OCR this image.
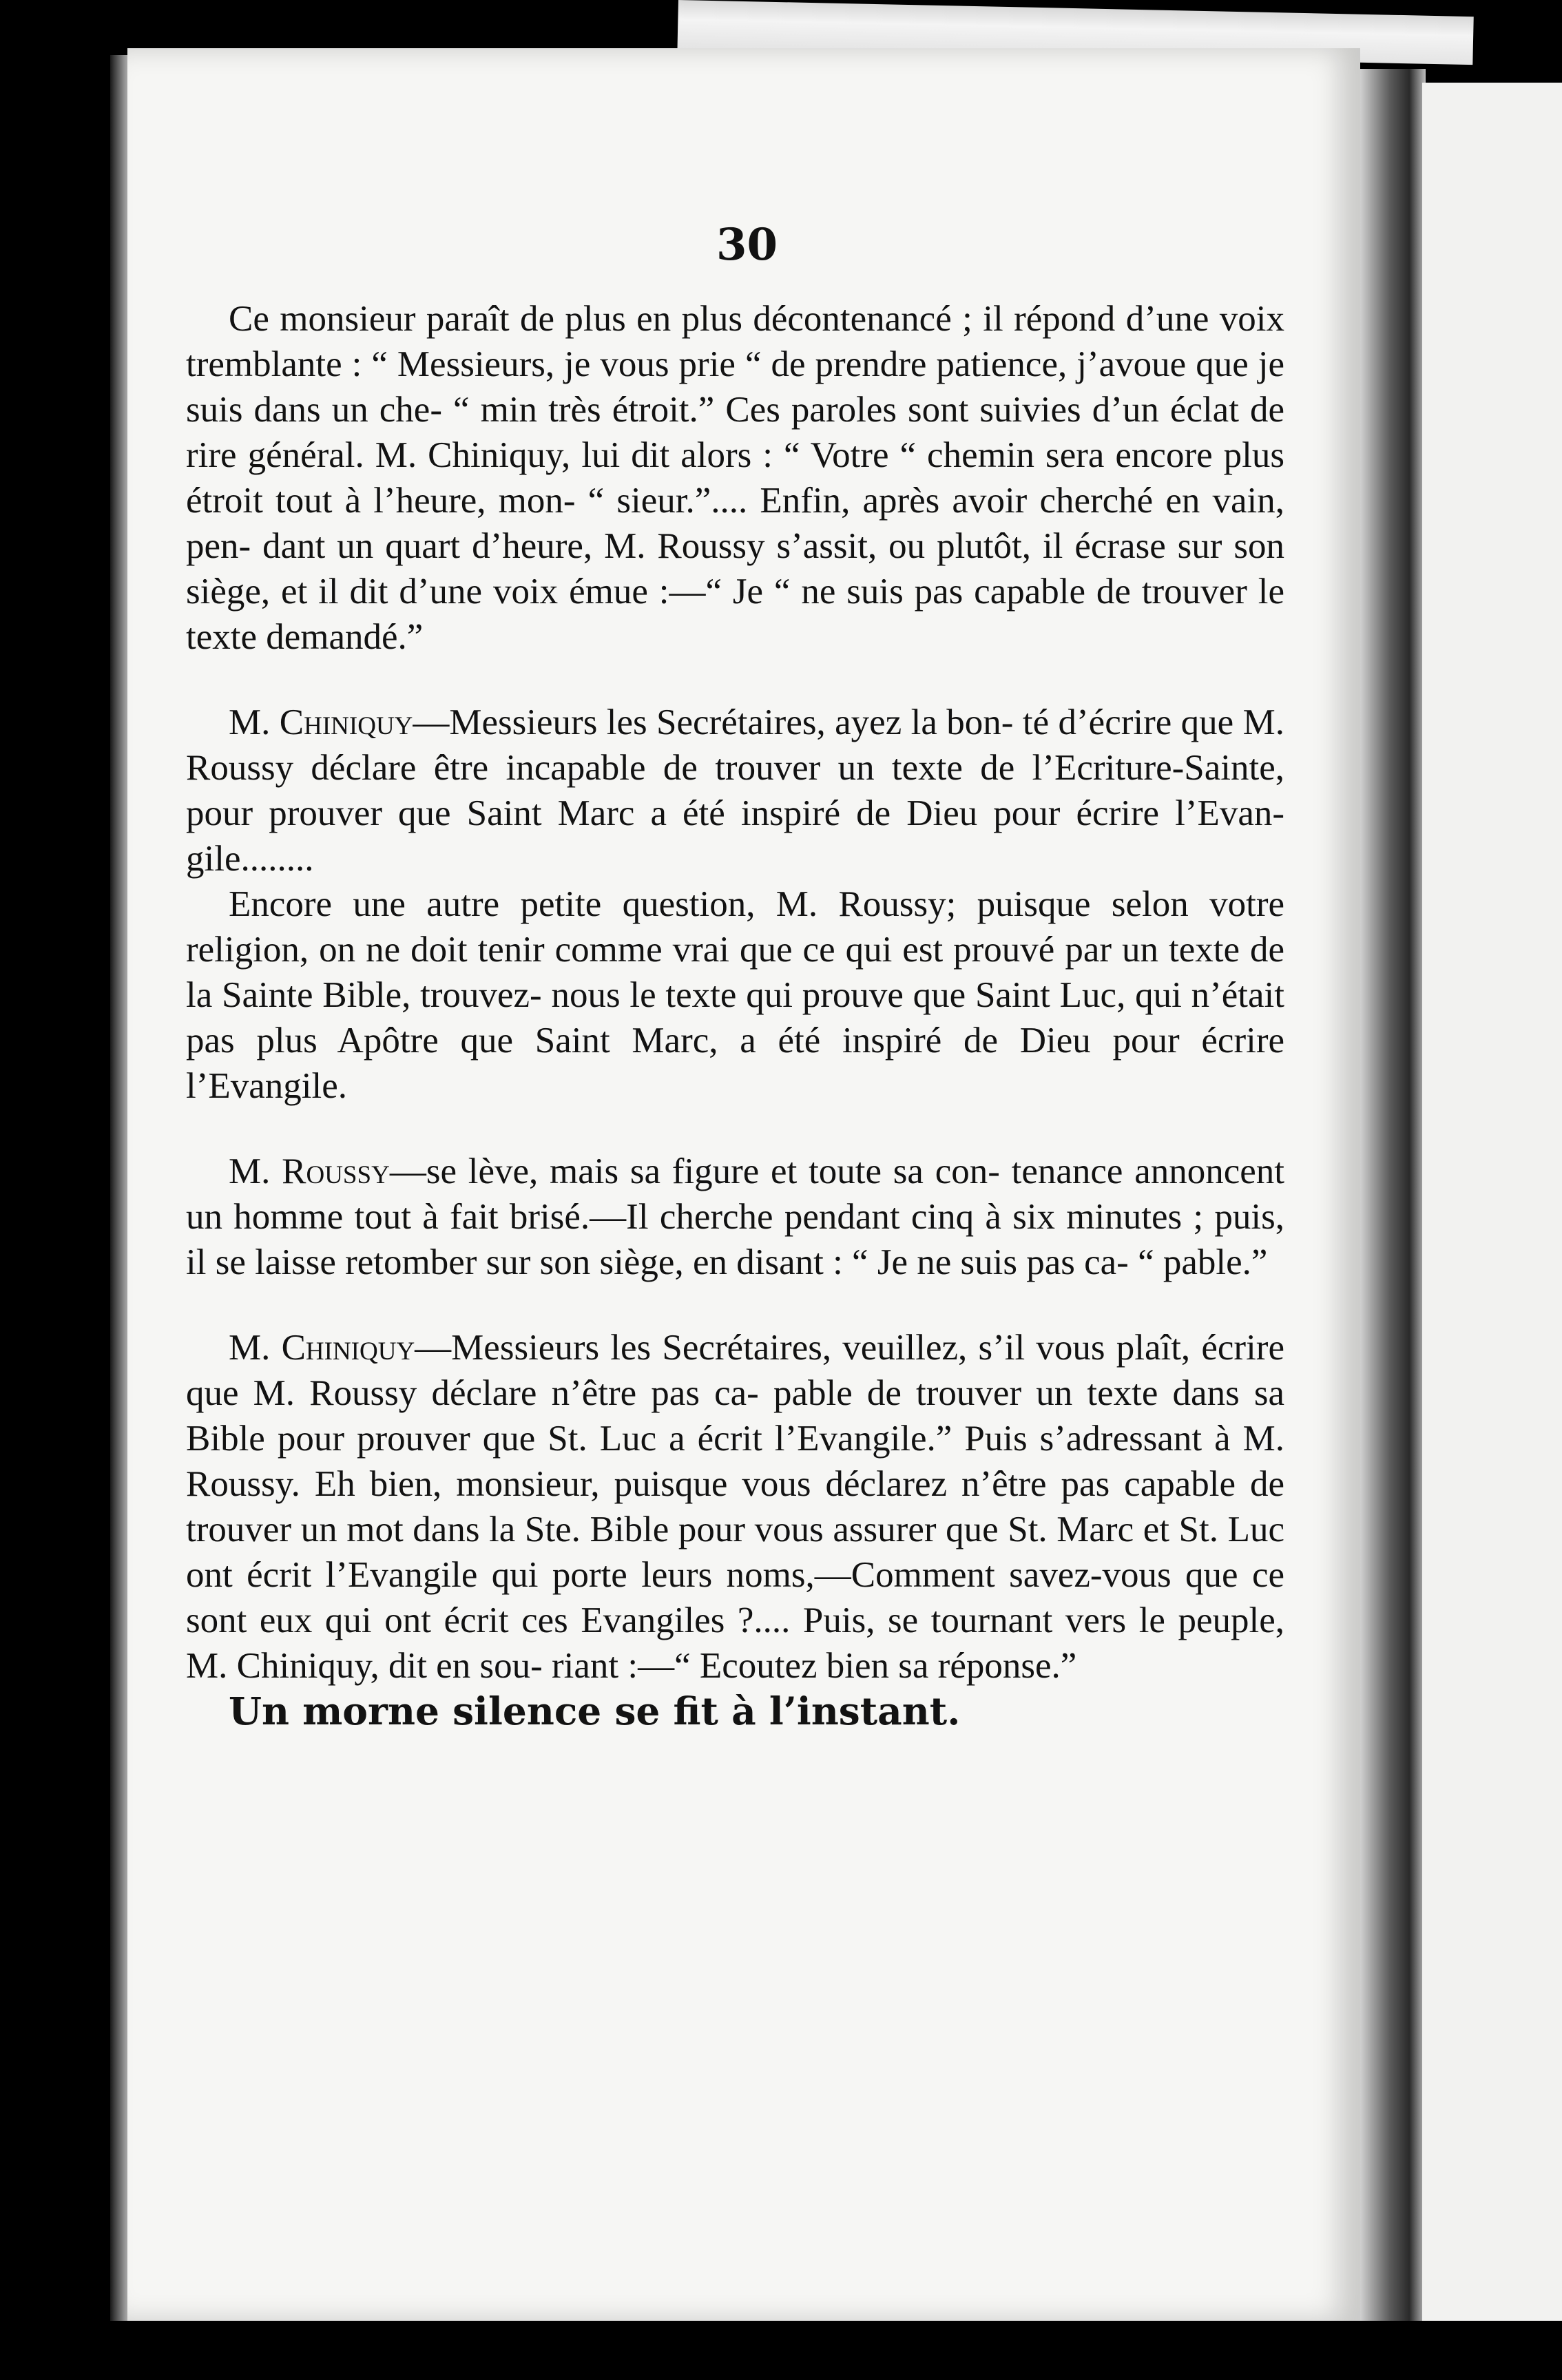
30

Ce monsieur paraît de plus en plus décontenancé ; il répond d’une voix tremblante : “ Messieurs, je vous prie “ de prendre patience, j’avoue que je suis dans un che- “ min très étroit.” Ces paroles sont suivies d’un éclat de rire général. M. Chiniquy, lui dit alors : “ Votre “ chemin sera encore plus étroit tout à l’heure, mon- “ sieur.”.... Enfin, après avoir cherché en vain, pen- dant un quart d’heure, M. Roussy s’assit, ou plutôt, il écrase sur son siège, et il dit d’une voix émue :—“ Je “ ne suis pas capable de trouver le texte demandé.”

M. Chiniquy—Messieurs les Secrétaires, ayez la bon- té d’écrire que M. Roussy déclare être incapable de trouver un texte de l’Ecriture-Sainte, pour prouver que Saint Marc a été inspiré de Dieu pour écrire l’Evan- gile........

Encore une autre petite question, M. Roussy; puisque selon votre religion, on ne doit tenir comme vrai que ce qui est prouvé par un texte de la Sainte Bible, trouvez- nous le texte qui prouve que Saint Luc, qui n’était pas plus Apôtre que Saint Marc, a été inspiré de Dieu pour écrire l’Evangile.

M. Roussy—se lève, mais sa figure et toute sa con- tenance annoncent un homme tout à fait brisé.—Il cherche pendant cinq à six minutes ; puis, il se laisse retomber sur son siège, en disant : “ Je ne suis pas ca- “ pable.”

M. Chiniquy—Messieurs les Secrétaires, veuillez, s’il vous plaît, écrire que M. Roussy déclare n’être pas ca- pable de trouver un texte dans sa Bible pour prouver que St. Luc a écrit l’Evangile.” Puis s’adressant à M. Roussy. Eh bien, monsieur, puisque vous déclarez n’être pas capable de trouver un mot dans la Ste. Bible pour vous assurer que St. Marc et St. Luc ont écrit l’Evangile qui porte leurs noms,—Comment savez-vous que ce sont eux qui ont écrit ces Evangiles ?.... Puis, se tournant vers le peuple, M. Chiniquy, dit en sou- riant :—“ Ecoutez bien sa réponse.”

Un morne silence se fit à l’instant.
